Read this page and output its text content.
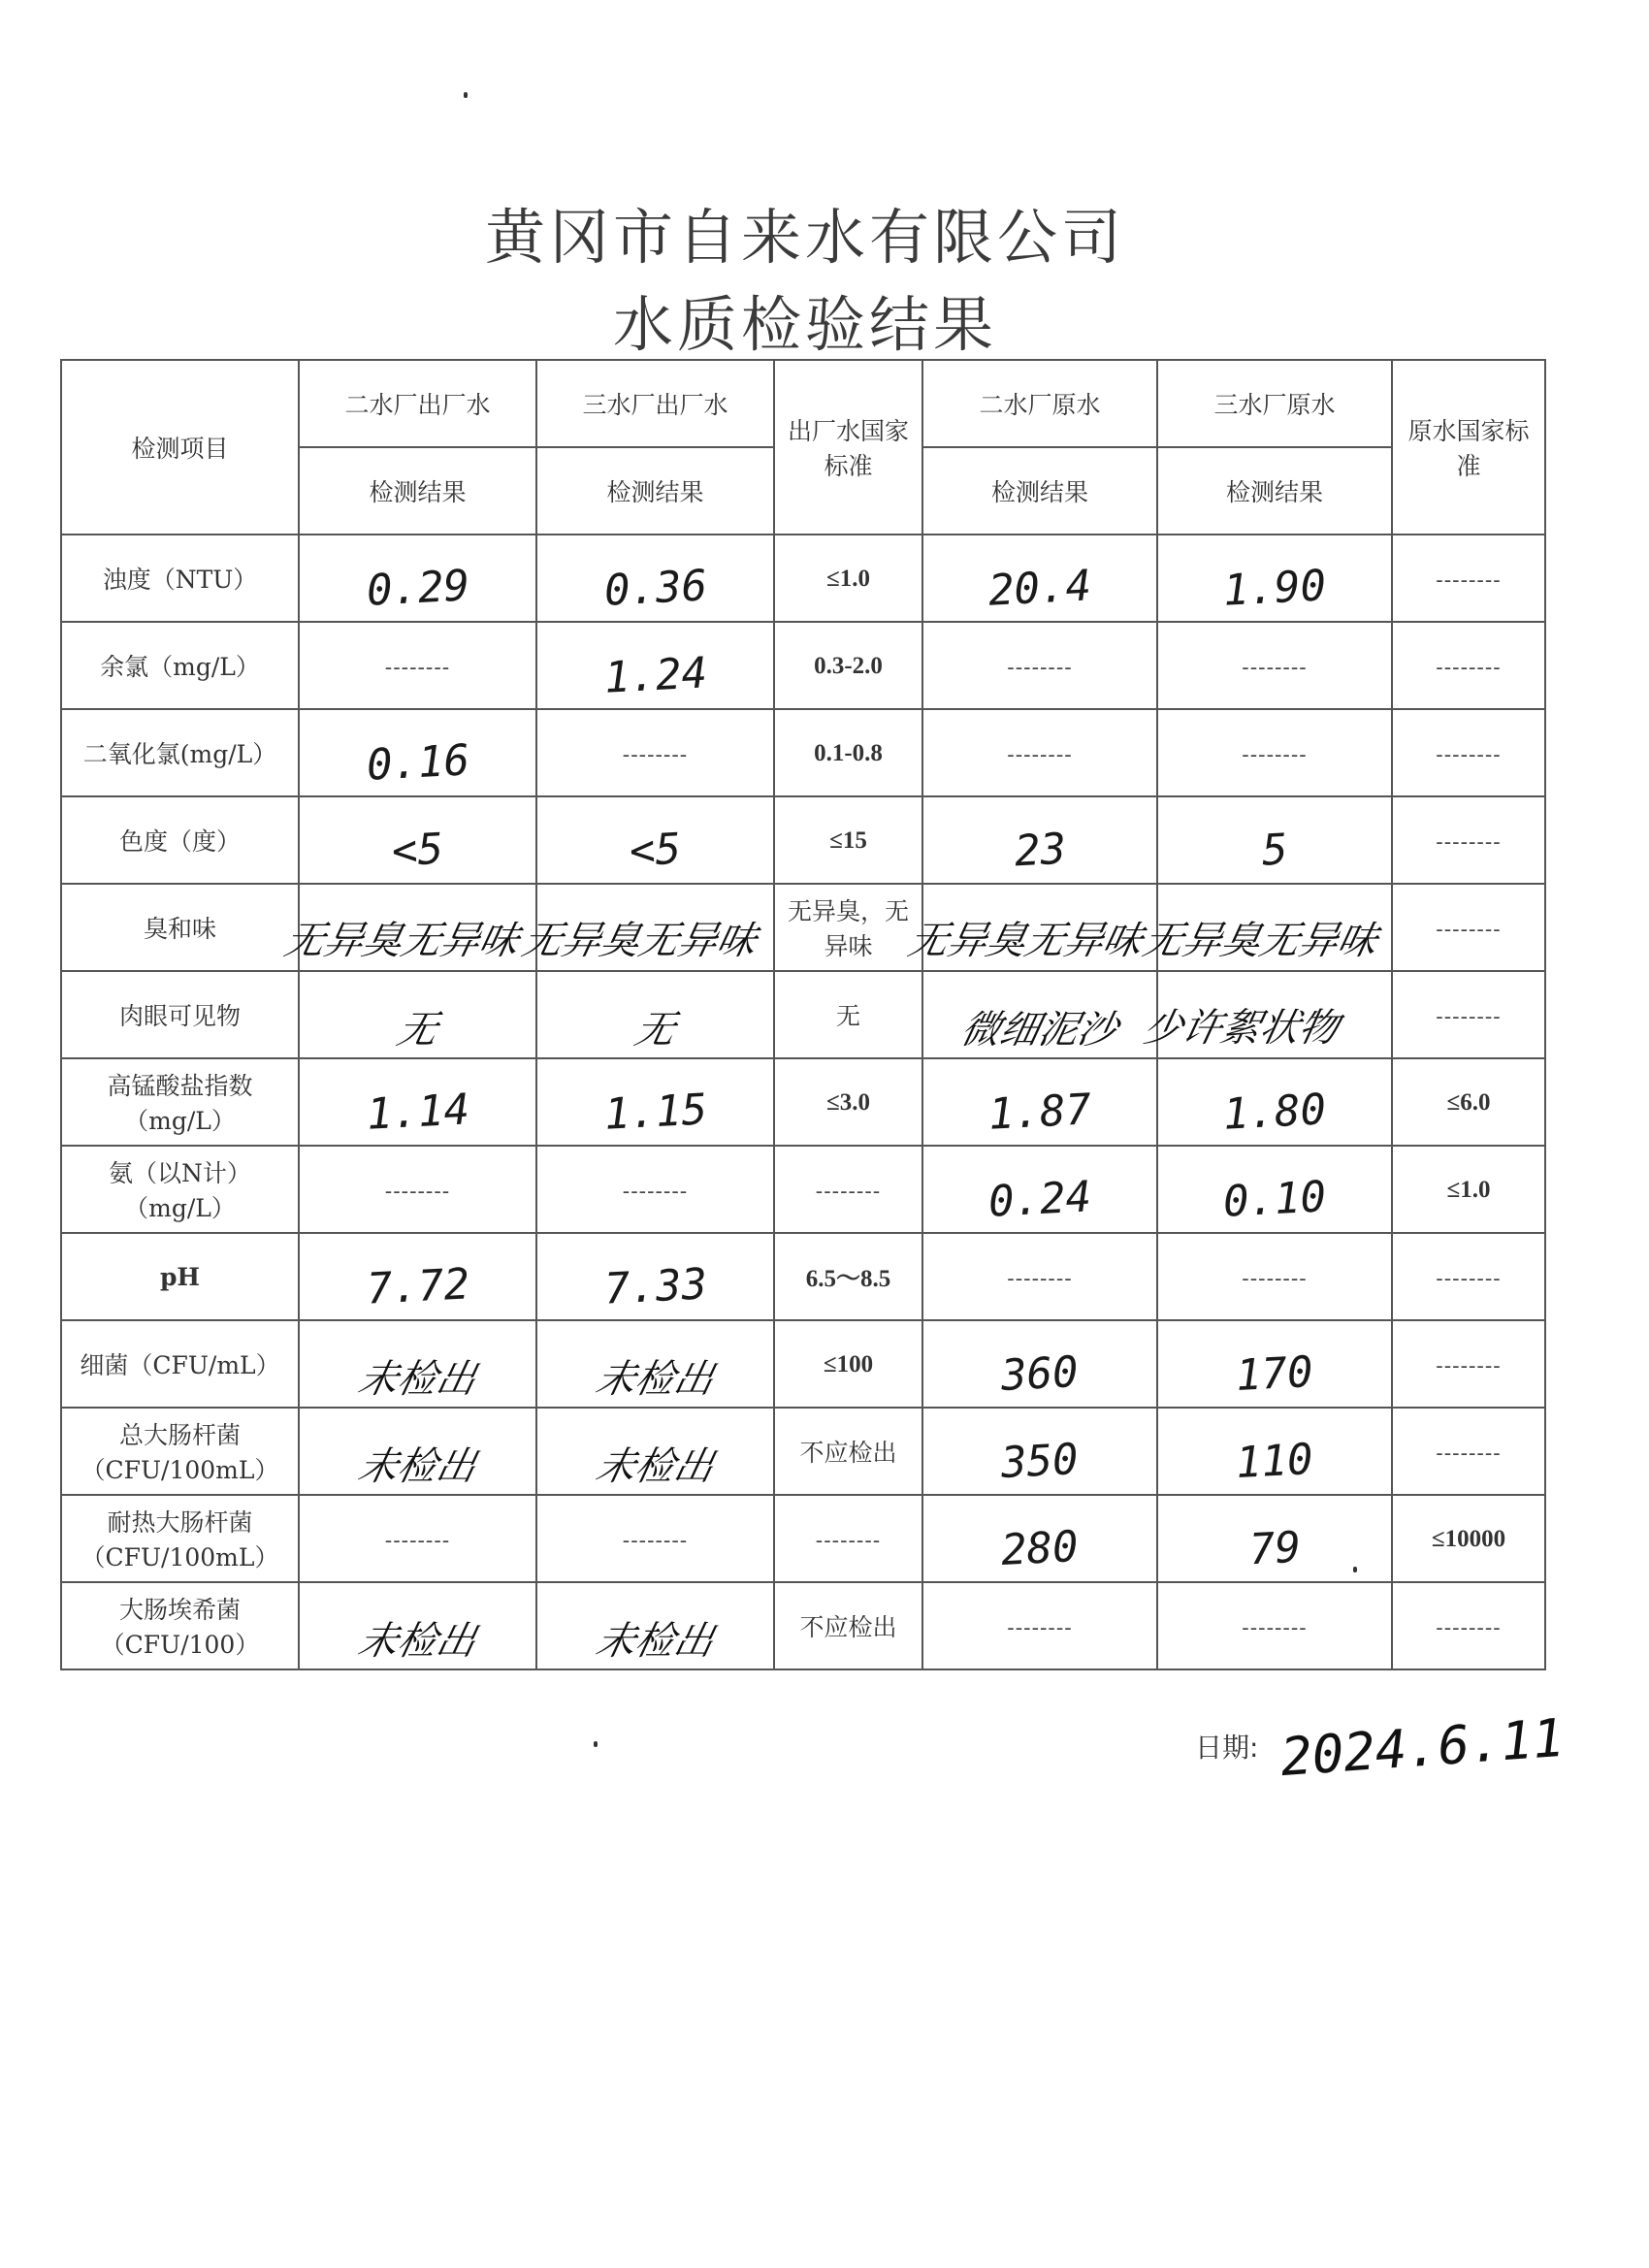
黄冈市自来水有限公司
水质检验结果
检测项目	二水厂出厂水	三水厂出厂水	出厂水国家标准	二水厂原水	三水厂原水	原水国家标准
	检测结果	检测结果		检测结果	检测结果	
浊度（NTU）	0.29	0.36	≤1.0	20.4	1.90	--------
余氯（mg/L）	--------	1.24	0.3-2.0	--------	--------	--------
二氧化氯(mg/L）	0.16	--------	0.1-0.8	--------	--------	--------
色度（度）	<5	<5	≤15	23	5	--------
臭和味	无异臭无异味	无异臭无异味	无异臭，无异味	无异臭无异味	无异臭无异味	--------
肉眼可见物	无	无	无	微细泥沙	少许絮状物	--------
高锰酸盐指数（mg/L）	1.14	1.15	≤3.0	1.87	1.80	≤6.0
氨（以N计）（mg/L）	--------	--------	--------	0.24	0.10	≤1.0
pH	7.72	7.33	6.5～8.5	--------	--------	--------
细菌（CFU/mL）	未检出	未检出	≤100	360	170	--------
总大肠杆菌（CFU/100mL）	未检出	未检出	不应检出	350	110	--------
耐热大肠杆菌（CFU/100mL）	--------	--------	--------	280	79	≤10000
大肠埃希菌（CFU/100）	未检出	未检出	不应检出	--------	--------	--------
日期: 2024.6.11
